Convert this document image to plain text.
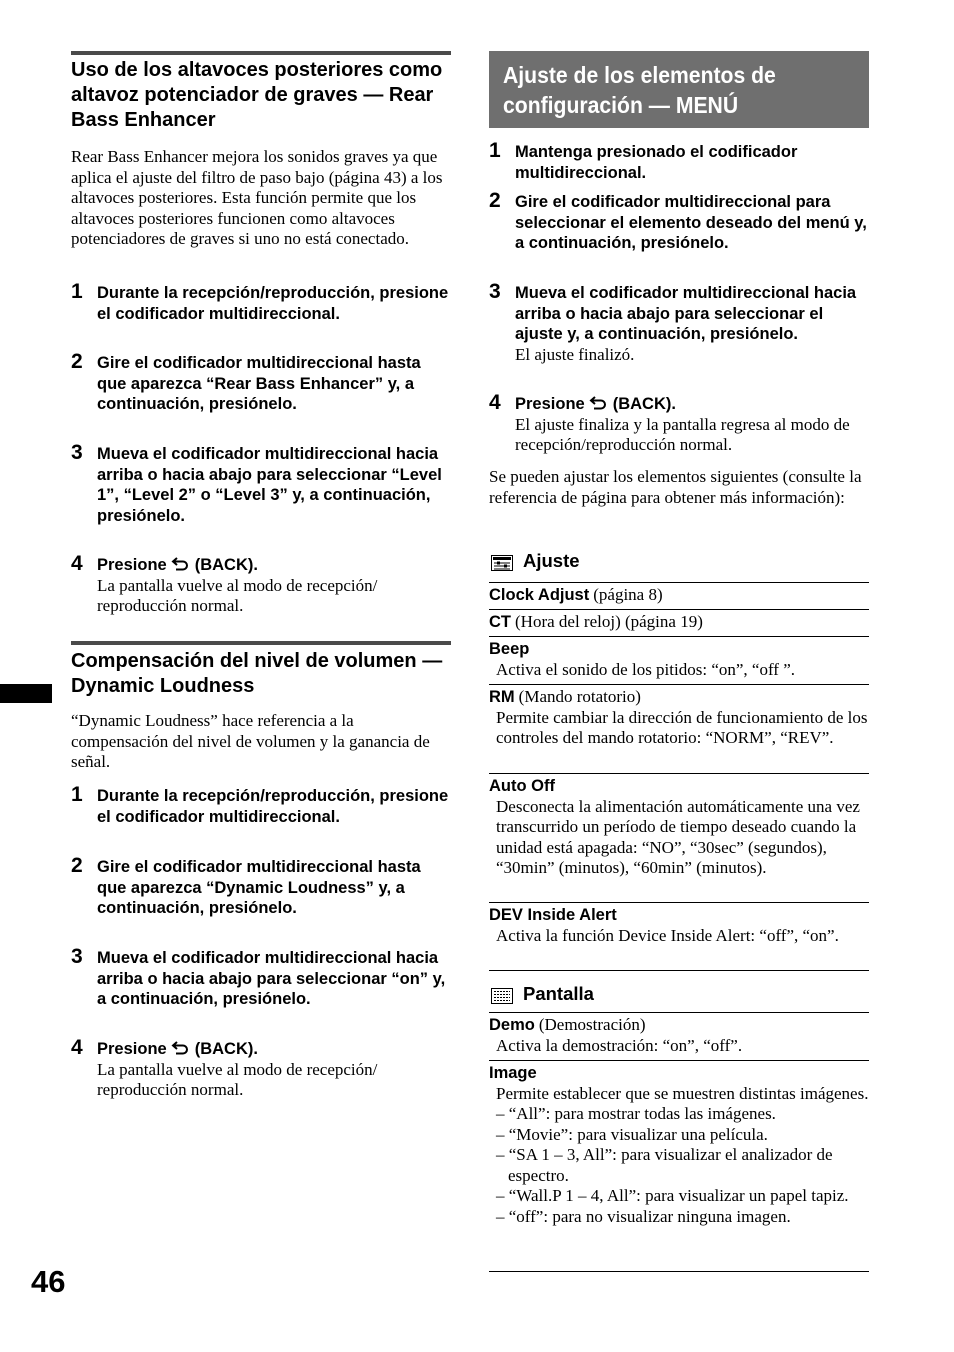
46
Uso de los altavoces posteriores como altavoz potenciador de graves — Rear Bass Enhancer

Rear Bass Enhancer mejora los sonidos graves ya que aplica el ajuste del filtro de paso bajo (página 43) a los altavoces posteriores. Esta función permite que los altavoces posteriores funcionen como altavoces potenciadores de graves si uno no está conectado.

1 Durante la recepción/reproducción, presione el codificador multidireccional.
2 Gire el codificador multidireccional hasta que aparezca “Rear Bass Enhancer” y, a continuación, presiónelo.
3 Mueva el codificador multidireccional hacia arriba o hacia abajo para seleccionar “Level 1”, “Level 2” o “Level 3” y, a continuación, presiónelo.
4 Presione (BACK).
La pantalla vuelve al modo de recepción/ reproducción normal.
Compensación del nivel de volumen — Dynamic Loudness

“Dynamic Loudness” hace referencia a la compensación del nivel de volumen y la ganancia de señal.

1 Durante la recepción/reproducción, presione el codificador multidireccional.
2 Gire el codificador multidireccional hasta que aparezca “Dynamic Loudness” y, a continuación, presiónelo.
3 Mueva el codificador multidireccional hacia arriba o hacia abajo para seleccionar “on” y, a continuación, presiónelo.
4 Presione (BACK).
La pantalla vuelve al modo de recepción/ reproducción normal.
Ajuste de los elementos de configuración — MENÚ
1 Mantenga presionado el codificador multidireccional.
2 Gire el codificador multidireccional para seleccionar el elemento deseado del menú y, a continuación, presiónelo.
3 Mueva el codificador multidireccional hacia arriba o hacia abajo para seleccionar el ajuste y, a continuación, presiónelo.
El ajuste finalizó.
4 Presione (BACK).
El ajuste finaliza y la pantalla regresa al modo de recepción/reproducción normal.

Se pueden ajustar los elementos siguientes (consulte la referencia de página para obtener más información):

Ajuste
Clock Adjust (página 8)
CT (Hora del reloj) (página 19)
Beep
Activa el sonido de los pitidos: “on”, “off ”.
RM (Mando rotatorio)
Permite cambiar la dirección de funcionamiento de los controles del mando rotatorio: “NORM”, “REV”.
Auto Off
Desconecta la alimentación automáticamente una vez transcurrido un período de tiempo deseado cuando la unidad está apagada: “NO”, “30sec” (segundos), “30min” (minutos), “60min” (minutos).
DEV Inside Alert
Activa la función Device Inside Alert: “off”, “on”.
Pantalla
Demo (Demostración)
Activa la demostración: “on”, “off”.
Image
Permite establecer que se muestren distintas imágenes.
– “All”: para mostrar todas las imágenes.
– “Movie”: para visualizar una película.
– “SA 1 – 3, All”: para visualizar el analizador de espectro.
– “Wall.P 1 – 4, All”: para visualizar un papel tapiz.
– “off”: para no visualizar ninguna imagen.
